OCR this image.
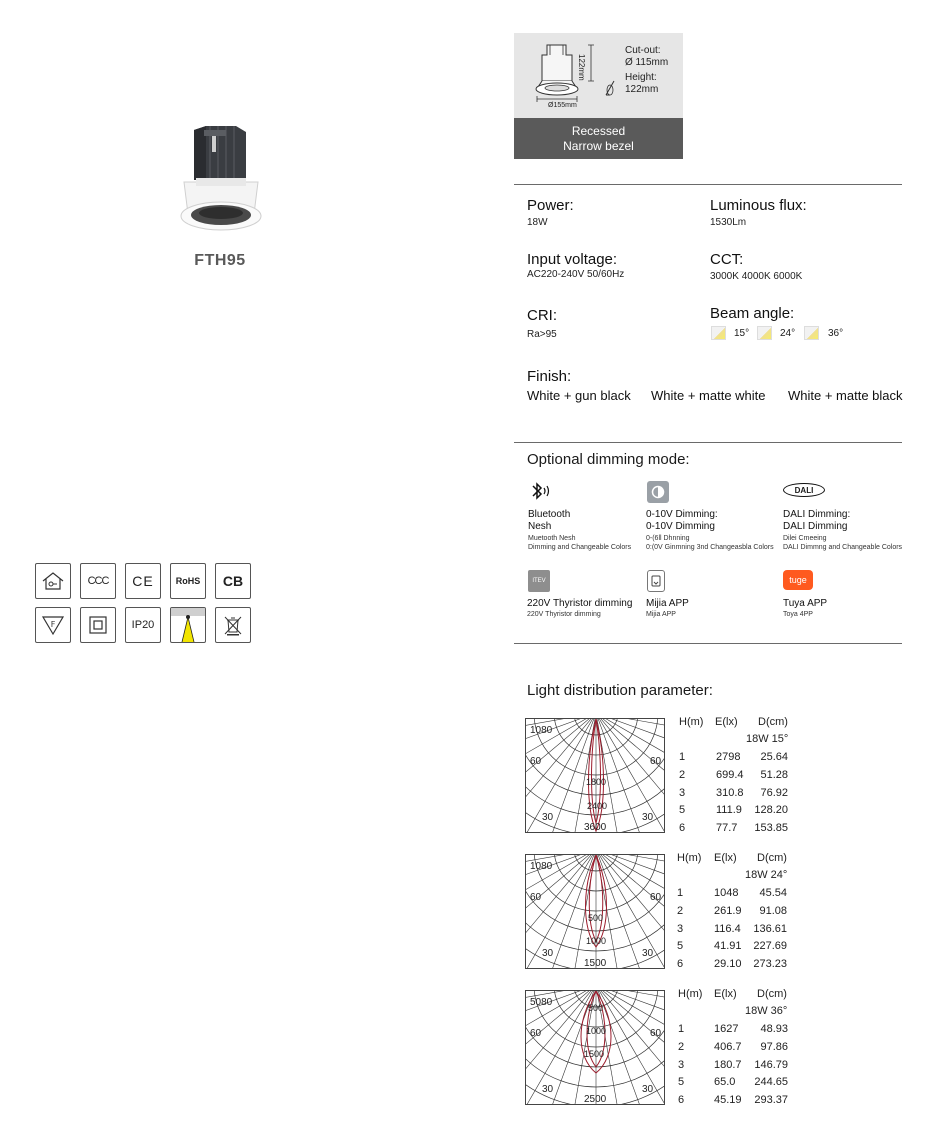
FTH95
CCC CE RoHS CB
F	IP20
122mm
Ø155mm
Cut-out:
Ø 115mm
Height:
122mm
Recessed
Narrow bezel
Power:
18W
Luminous flux:
1530Lm
Input voltage:
AC220-240V 50/60Hz
CCT:
3000K 4000K 6000K
CRI:
Ra>95
Beam angle:
15°	24°	36°
Finish:
White + gun black White + matte white White + matte black
Optional dimming mode:
Bluetooth
Nesh
Muetooth Nesh
Dimming and Changeable Colors
0-10V Dimming:
0-10V Dimming
0-(6ll Dhnning
0:(0V Ginmning 3nd Changeasbla Colors
DALI
DALI Dimming:
DALI Dimming
Dilei Cmeeing
DALI Dimmng and Changeable Colors
ITEV
220V Thyristor dimming
220V Thyristor dimming
Mijia APP
Mijia APP
tuge
Tuya APP
Toya 4PP
Light distribution parameter:
1080
60	60
30	30
3600
2400
1800
H(m) E(lx) D(cm)
18W 15°
1	2798 25.64
2	699.4 51.28
3	310.8 76.92
5	111.9 128.20
6	77.7 153.85
1080
60	60
30	30
1500
500
1000
H(m) E(lx) D(cm)
18W 24°
1	1048 45.54
2	261.9 91.08
3	116.4 136.61
5	41.91 227.69
6	29.10 273.23
5080
60	60
30	30
2500
500
1000
1500
H(m) E(lx) D(cm)
18W 36°
1	1627 48.93
2	406.7 97.86
3	180.7 146.79
5	65.0 244.65
6	45.19 293.37
